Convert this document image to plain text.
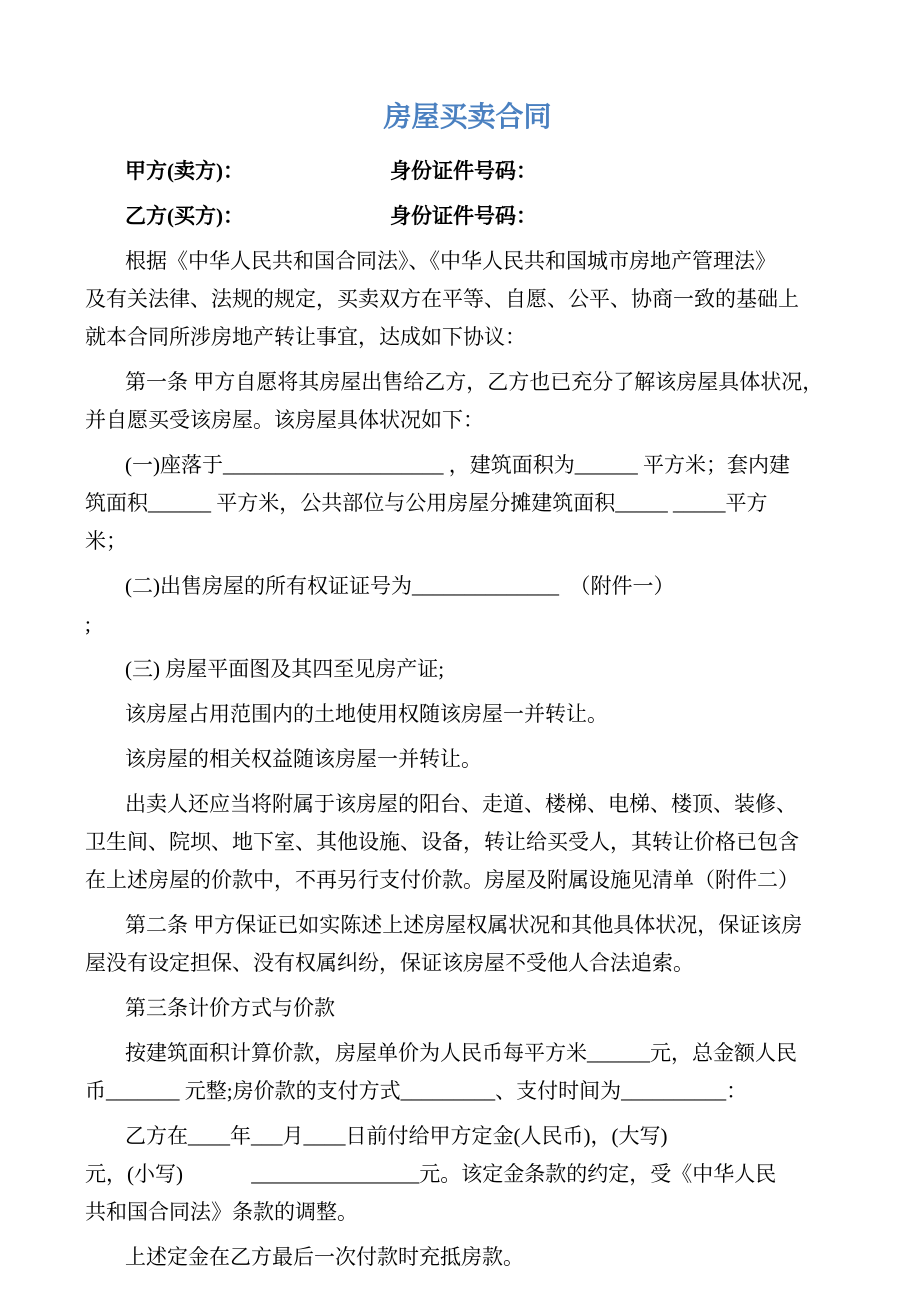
房屋买卖合同
甲方(卖方)：	身份证件号码：
乙方(买方)：	身份证件号码：
根据《中华人民共和国合同法》、《中华人民共和国城市房地产管理法》
及有关法律、法规的规定，买卖双方在平等、自愿、公平、协商一致的基础上
就本合同所涉房地产转让事宜，达成如下协议：
第一条 甲方自愿将其房屋出售给乙方，乙方也已充分了解该房屋具体状况，
并自愿买受该房屋。该房屋具体状况如下：
(一)座落于_____________________ ，建筑面积为______ 平方米；套内建
筑面积______ 平方米，公共部位与公用房屋分摊建筑面积_____ _____平方
米；
(二)出售房屋的所有权证证号为______________  （附件一）
;
(三) 房屋平面图及其四至见房产证;
该房屋占用范围内的土地使用权随该房屋一并转让。
该房屋的相关权益随该房屋一并转让。
出卖人还应当将附属于该房屋的阳台、走道、楼梯、电梯、楼顶、装修、
卫生间、院坝、地下室、其他设施、设备，转让给买受人，其转让价格已包含
在上述房屋的价款中，不再另行支付价款。房屋及附属设施见清单（附件二）
第二条 甲方保证已如实陈述上述房屋权属状况和其他具体状况，保证该房
屋没有设定担保、没有权属纠纷，保证该房屋不受他人合法追索。
第三条计价方式与价款
按建筑面积计算价款，房屋单价为人民币每平方米______元，总金额人民
币_______ 元整;房价款的支付方式_________、支付时间为__________：
乙方在____年___月____日前付给甲方定金(人民币)，(大写)
元，(小写)             ________________元。该定金条款的约定，受《中华人民
共和国合同法》条款的调整。
上述定金在乙方最后一次付款时充抵房款。
